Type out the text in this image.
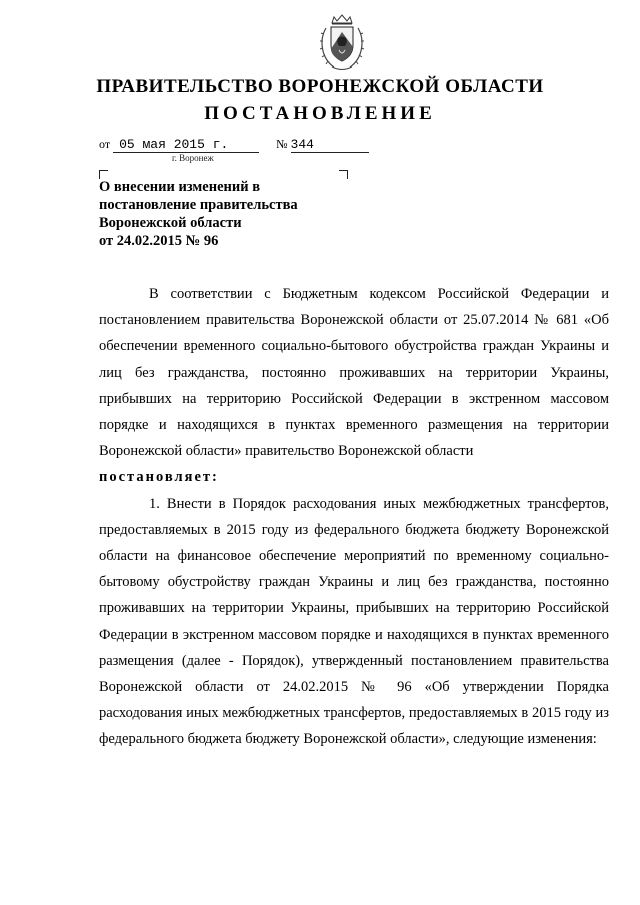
ПРАВИТЕЛЬСТВО ВОРОНЕЖСКОЙ ОБЛАСТИ
ПОСТАНОВЛЕНИЕ
от 05 мая 2015 г.	№ 344
г. Воронеж
О внесении изменений в
постановление правительства
Воронежской области
от 24.02.2015 № 96

В соответствии с Бюджетным кодексом Российской Федерации и постановлением правительства Воронежской области от 25.07.2014 № 681 «Об обеспечении временного социально-бытового обустройства граждан Украины и лиц без гражданства, постоянно проживавших на территории Украины, прибывших на территорию Российской Федерации в экстренном массовом порядке и находящихся в пунктах временного размещения на территории Воронежской области» правительство Воронежской области

постановляет:

1. Внести в Порядок расходования иных межбюджетных трансфертов, предоставляемых в 2015 году из федерального бюджета бюджету Воронежской области на финансовое обеспечение мероприятий по временному социально-бытовому обустройству граждан Украины и лиц без гражданства, постоянно проживавших на территории Украины, прибывших на территорию Российской Федерации в экстренном массовом порядке и находящихся в пунктах временного размещения (далее - Порядок), утвержденный постановлением правительства Воронежской области от 24.02.2015 № 96 «Об утверждении Порядка расходования иных межбюджетных трансфертов, предоставляемых в 2015 году из федерального бюджета бюджету Воронежской области», следующие изменения:
